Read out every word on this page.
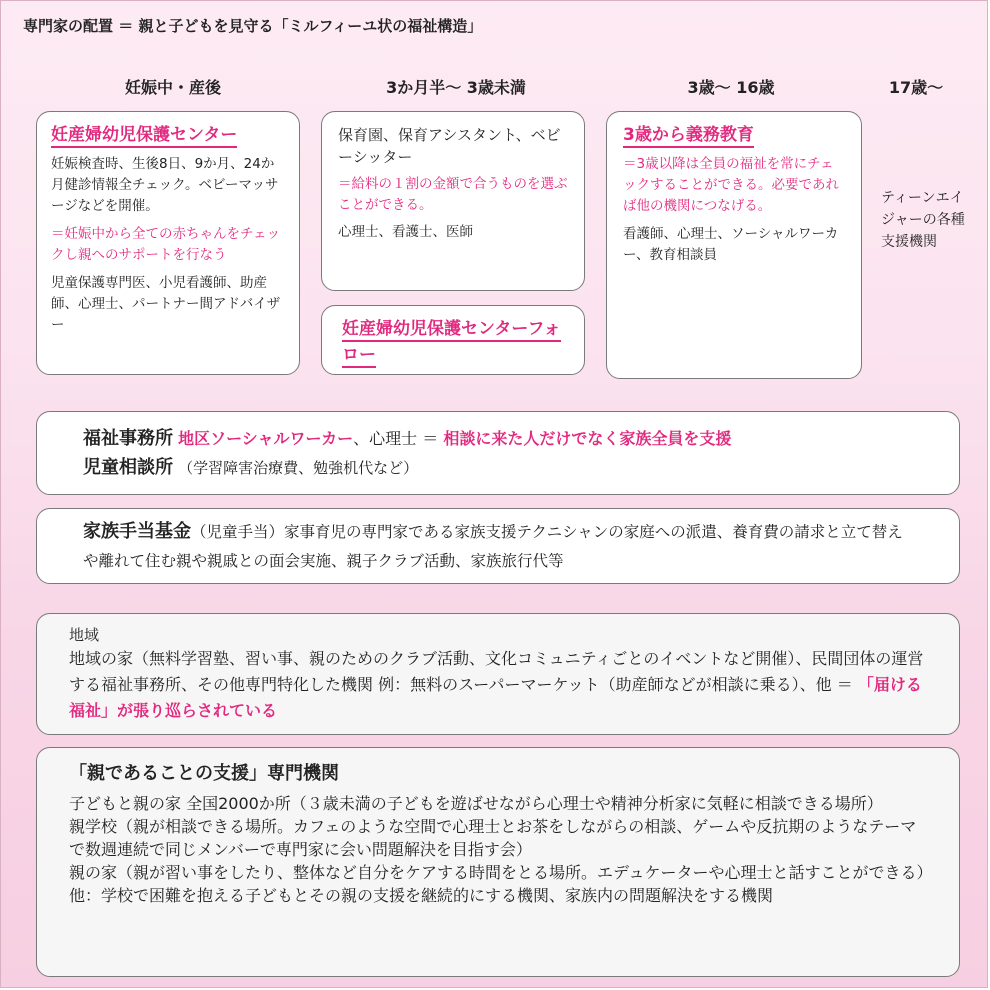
専門家の配置 ＝ 親と子どもを見守る「ミルフィーユ状の福祉構造」
妊娠中・産後	3か月半〜 3歳未満	3歳〜 16歳	17歳〜
妊産婦幼児保護センター
妊娠検査時、生後8日、9か月、24か月健診情報全チェック。ベビーマッサージなどを開催。
＝妊娠中から全ての赤ちゃんをチェックし親へのサポートを行なう
児童保護専門医、小児看護師、助産師、心理士、パートナー間アドバイザー
保育園、保育アシスタント、ベビーシッター
＝給料の１割の金額で合うものを選ぶことができる。
心理士、看護士、医師
妊産婦幼児保護センターフォロー
3歳から義務教育
＝3歳以降は全員の福祉を常にチェックすることができる。必要であれば他の機関につなげる。
看護師、心理士、ソーシャルワーカー、教育相談員
ティーンエイジャーの各種支援機関
福祉事務所 地区ソーシャルワーカー、心理士 ＝ 相談に来た人だけでなく家族全員を支援
児童相談所 （学習障害治療費、勉強机代など）
家族手当基金（児童手当）家事育児の専門家である家族支援テクニシャンの家庭への派遣、養育費の請求と立て替えや離れて住む親や親戚との面会実施、親子クラブ活動、家族旅行代等
地域
地域の家（無料学習塾、習い事、親のためのクラブ活動、文化コミュニティごとのイベントなど開催）、民間団体の運営する福祉事務所、その他専門特化した機関 例：無料のスーパーマーケット（助産師などが相談に乗る）、他 ＝ 「届ける福祉」が張り巡らされている
「親であることの支援」専門機関
子どもと親の家 全国2000か所（３歳未満の子どもを遊ばせながら心理士や精神分析家に気軽に相談できる場所）
親学校（親が相談できる場所。カフェのような空間で心理士とお茶をしながらの相談、ゲームや反抗期のようなテーマで数週連続で同じメンバーで専門家に会い問題解決を目指す会）
親の家（親が習い事をしたり、整体など自分をケアする時間をとる場所。エデュケーターや心理士と話すことができる）
他：学校で困難を抱える子どもとその親の支援を継続的にする機関、家族内の問題解決をする機関
